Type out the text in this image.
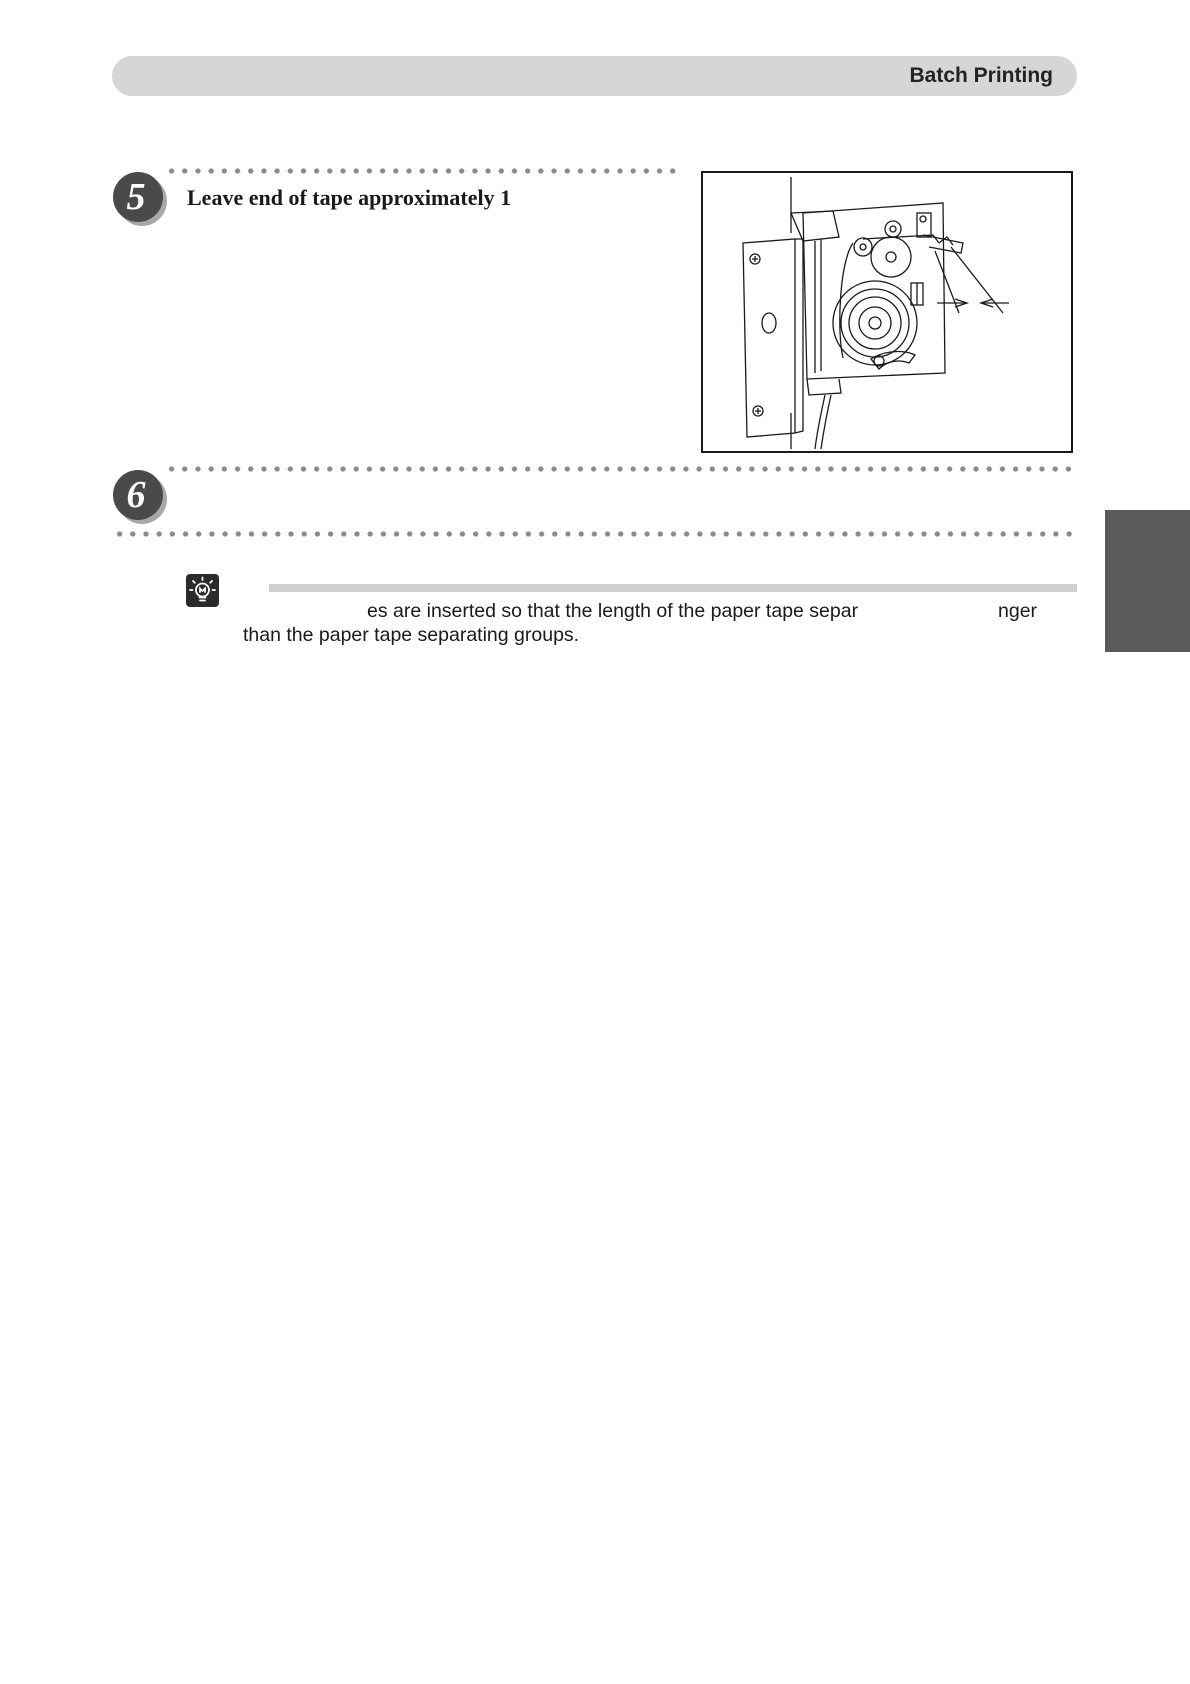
Batch Printing
5	Leave end of tape approximately 1
6
es are inserted so that the length of the paper tape separ	nger
than the paper tape separating groups.
